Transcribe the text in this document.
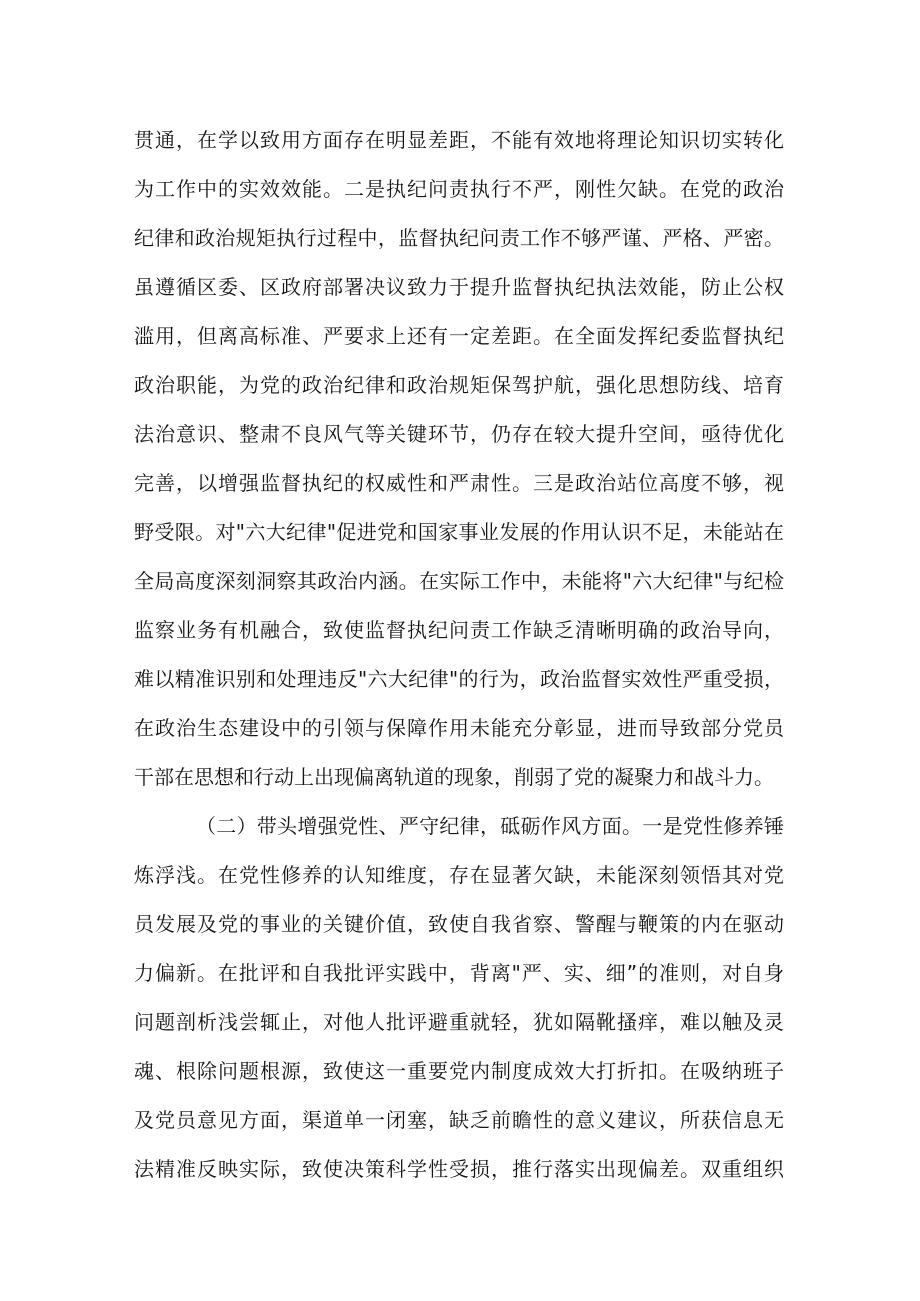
贯通，在学以致用方面存在明显差距，不能有效地将理论知识切实转化
为工作中的实效效能。二是执纪问责执行不严，刚性欠缺。在党的政治
纪律和政治规矩执行过程中，监督执纪问责工作不够严谨、严格、严密。
虽遵循区委、区政府部署决议致力于提升监督执纪执法效能，防止公权
滥用，但离高标准、严要求上还有一定差距。在全面发挥纪委监督执纪
政治职能，为党的政治纪律和政治规矩保驾护航，强化思想防线、培育
法治意识、整肃不良风气等关键环节，仍存在较大提升空间，亟待优化
完善，以增强监督执纪的权威性和严肃性。三是政治站位高度不够，视
野受限。对"六大纪律"促进党和国家事业发展的作用认识不足，未能站在
全局高度深刻洞察其政治内涵。在实际工作中，未能将"六大纪律"与纪检
监察业务有机融合，致使监督执纪问责工作缺乏清晰明确的政治导向，
难以精准识别和处理违反"六大纪律"的行为，政治监督实效性严重受损，
在政治生态建设中的引领与保障作用未能充分彰显，进而导致部分党员
干部在思想和行动上出现偏离轨道的现象，削弱了党的凝聚力和战斗力。
（二）带头增强党性、严守纪律，砥砺作风方面。一是党性修养锤
炼浮浅。在党性修养的认知维度，存在显著欠缺，未能深刻领悟其对党
员发展及党的事业的关键价值，致使自我省察、警醒与鞭策的内在驱动
力偏新。在批评和自我批评实践中，背离"严、实、细”的准则，对自身
问题剖析浅尝辄止，对他人批评避重就轻，犹如隔靴搔痒，难以触及灵
魂、根除问题根源，致使这一重要党内制度成效大打折扣。在吸纳班子
及党员意见方面，渠道单一闭塞，缺乏前瞻性的意义建议，所获信息无
法精准反映实际，致使决策科学性受损，推行落实出现偏差。双重组织
